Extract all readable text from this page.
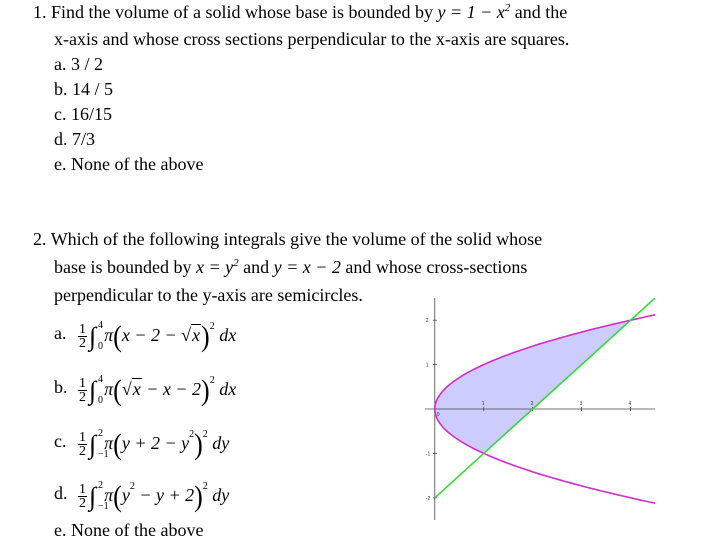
1. Find the volume of a solid whose base is bounded by $y = 1 - x^2$ and the
x-axis and whose cross sections perpendicular to the x-axis are squares.
a. 3 / 2
b. 14 / 5
c. 16/15
d. 7/3
e. None of the above
2. Which of the following integrals give the volume of the solid whose
base is bounded by $x = y^2$ and y = x − 2 and whose cross-sections
perpendicular to the y-axis are semicircles.
a. $\frac{1}{2}$ ∫ 4
0
$\pi(x - 2 - √x)^2$ dx
b. $\frac{1}{2}$ ∫ 4
0
$\pi(√x - x - 2)^2$ dx
c. $\frac{1}{2}$ ∫ 2
−1
$\pi(y + 2 - y^2)^2$ dy
d. $\frac{1}{2}$ ∫ 2
−1
$\pi(y^2 - y + 2)^2$ dy
e. None of the above
1	2	3	4
2
1
-1
-2
0
